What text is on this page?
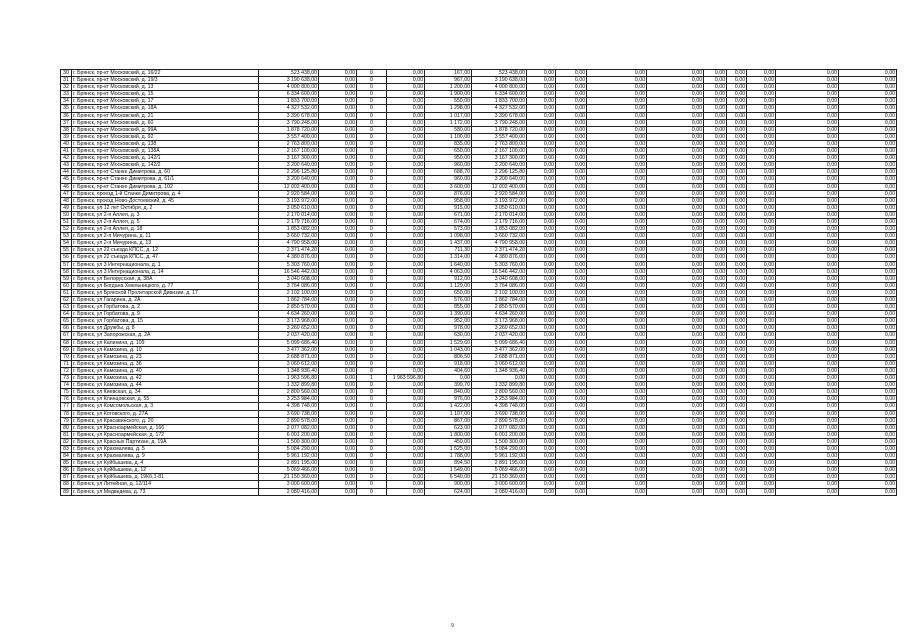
30	г. Брянск, пр-кт Московский, д. 16/22	523 438,00	0,00	0	0,00	167,00	523 438,00	0,00	0,00	0,00	0,00	0,00	0,00	0,00	0,00	0,00
31	г. Брянск, пр-кт Московский, д. 19/3	3 190 638,00	0,00	0	0,00	967,00	3 190 638,00	0,00	0,00	0,00	0,00	0,00	0,00	0,00	0,00	0,00
32	г. Брянск, пр-кт Московский, д. 13	4 000 800,00	0,00	0	0,00	1 200,00	4 000 800,00	0,00	0,00	0,00	0,00	0,00	0,00	0,00	0,00	0,00
33	г. Брянск, пр-кт Московский, д. 15	6 334 600,00	0,00	0	0,00	1 900,00	6 334 600,00	0,00	0,00	0,00	0,00	0,00	0,00	0,00	0,00	0,00
34	г. Брянск, пр-кт Московский, д. 17	1 833 700,00	0,00	0	0,00	550,00	1 833 700,00	0,00	0,00	0,00	0,00	0,00	0,00	0,00	0,00	0,00
35	г. Брянск, пр-кт Московский, д. 18А	4 327 532,00	0,00	0	0,00	1 298,00	4 327 532,00	0,00	0,00	0,00	0,00	0,00	0,00	0,00	0,00	0,00
36	г. Брянск, пр-кт Московский, д. 21	3 390 678,00	0,00	0	0,00	1 017,00	3 390 678,00	0,00	0,00	0,00	0,00	0,00	0,00	0,00	0,00	0,00
37	г. Брянск, пр-кт Московский, д. 60	3 790 248,00	0,00	0	0,00	1 172,00	3 790 248,00	0,00	0,00	0,00	0,00	0,00	0,00	0,00	0,00	0,00
38	г. Брянск, пр-кт Московский, д. 99А	1 878 720,00	0,00	0	0,00	580,00	1 878 720,00	0,00	0,00	0,00	0,00	0,00	0,00	0,00	0,00	0,00
39	г. Брянск, пр-кт Московский, д. 92	3 557 400,00	0,00	0	0,00	1 100,00	3 557 400,00	0,00	0,00	0,00	0,00	0,00	0,00	0,00	0,00	0,00
40	г. Брянск, пр-кт Московский, д. 138	2 763 800,00	0,00	0	0,00	835,00	2 763 800,00	0,00	0,00	0,00	0,00	0,00	0,00	0,00	0,00	0,00
41	г. Брянск, пр-кт Московский, д. 138А	2 167 100,00	0,00	0	0,00	650,00	2 167 100,00	0,00	0,00	0,00	0,00	0,00	0,00	0,00	0,00	0,00
42	г. Брянск, пр-кт Московский, д. 142/1	3 167 300,00	0,00	0	0,00	950,00	3 167 300,00	0,00	0,00	0,00	0,00	0,00	0,00	0,00	0,00	0,00
43	г. Брянск, пр-кт Московский, д. 142/2	3 200 640,00	0,00	0	0,00	960,00	3 200 640,00	0,00	0,00	0,00	0,00	0,00	0,00	0,00	0,00	0,00
44	г. Брянск, пр-кт Станке Димитрова, д. 60	2 296 125,80	0,00	0	0,00	688,70	2 296 125,80	0,00	0,00	0,00	0,00	0,00	0,00	0,00	0,00	0,00
45	г. Брянск, пр-кт Станке Димитрова, д. 61/1	3 200 640,00	0,00	0	0,00	960,00	3 200 640,00	0,00	0,00	0,00	0,00	0,00	0,00	0,00	0,00	0,00
46	г. Брянск, пр-кт Станке Димитрова, д. 102	12 002 400,00	0,00	0	0,00	3 600,00	12 002 400,00	0,00	0,00	0,00	0,00	0,00	0,00	0,00	0,00	0,00
47	г. Брянск, проезд 1-й Станке Димитрова, д. 4	2 920 584,00	0,00	0	0,00	876,00	2 920 584,00	0,00	0,00	0,00	0,00	0,00	0,00	0,00	0,00	0,00
48	г. Брянск, проезд Ново-Достоевский, д. 45	3 193 972,00	0,00	0	0,00	958,00	3 193 972,00	0,00	0,00	0,00	0,00	0,00	0,00	0,00	0,00	0,00
49	г. Брянск, ул 12 лет Октября, д. 2	3 050 610,00	0,00	0	0,00	915,00	3 050 610,00	0,00	0,00	0,00	0,00	0,00	0,00	0,00	0,00	0,00
50	г. Брянск, ул 2-я Аллея, д. 3	2 170 014,00	0,00	0	0,00	671,00	2 170 014,00	0,00	0,00	0,00	0,00	0,00	0,00	0,00	0,00	0,00
51	г. Брянск, ул 2-я Аллея, д. 5	2 179 716,00	0,00	0	0,00	674,00	2 179 716,00	0,00	0,00	0,00	0,00	0,00	0,00	0,00	0,00	0,00
52	г. Брянск, ул 2-я Аллея, д. 18	1 853 082,00	0,00	0	0,00	573,00	1 853 082,00	0,00	0,00	0,00	0,00	0,00	0,00	0,00	0,00	0,00
53	г. Брянск, ул 2-я Мичурина, д. 11	3 660 732,00	0,00	0	0,00	1 098,00	3 660 732,00	0,00	0,00	0,00	0,00	0,00	0,00	0,00	0,00	0,00
54	г. Брянск, ул 2-я Мичурина, д. 13	4 790 958,00	0,00	0	0,00	1 437,00	4 790 958,00	0,00	0,00	0,00	0,00	0,00	0,00	0,00	0,00	0,00
55	г. Брянск, ул 22 съезда КПСС, д. 12	2 371 474,20	0,00	0	0,00	711,30	2 371 474,20	0,00	0,00	0,00	0,00	0,00	0,00	0,00	0,00	0,00
56	г. Брянск, ул 22 съезда КПСС, д. 47	4 380 876,00	0,00	0	0,00	1 314,00	4 380 876,00	0,00	0,00	0,00	0,00	0,00	0,00	0,00	0,00	0,00
57	г. Брянск, ул 3 Интернационала, д. 1	5 303 760,00	0,00	0	0,00	1 640,00	5 303 760,00	0,00	0,00	0,00	0,00	0,00	0,00	0,00	0,00	0,00
58	г. Брянск, ул 3 Интернационала, д. 14	16 546 442,00	0,00	0	0,00	4 063,00	16 546 442,00	0,00	0,00	0,00	0,00	0,00	0,00	0,00	0,00	0,00
59	г. Брянск, ул Белорусская, д. 38А	3 040 608,00	0,00	0	0,00	912,00	3 040 608,00	0,00	0,00	0,00	0,00	0,00	0,00	0,00	0,00	0,00
60	г. Брянск, ул Богдана Хмельницкого, д. 77	3 764 086,00	0,00	0	0,00	1 129,00	3 764 086,00	0,00	0,00	0,00	0,00	0,00	0,00	0,00	0,00	0,00
61	г. Брянск, ул Брянской Пролетарской Дивизии, д. 17	2 102 100,00	0,00	0	0,00	650,00	2 102 100,00	0,00	0,00	0,00	0,00	0,00	0,00	0,00	0,00	0,00
62	г. Брянск, ул Гагарина, д. 2А	1 862 784,00	0,00	0	0,00	576,00	1 862 784,00	0,00	0,00	0,00	0,00	0,00	0,00	0,00	0,00	0,00
63	г. Брянск, ул Горбатова, д. 2	2 850 570,00	0,00	0	0,00	855,00	2 850 570,00	0,00	0,00	0,00	0,00	0,00	0,00	0,00	0,00	0,00
64	г. Брянск, ул Горбатова, д. 9	4 634 260,00	0,00	0	0,00	1 390,00	4 634 260,00	0,00	0,00	0,00	0,00	0,00	0,00	0,00	0,00	0,00
65	г. Брянск, ул Горбатова, д. 15	3 173 968,00	0,00	0	0,00	952,00	3 173 968,00	0,00	0,00	0,00	0,00	0,00	0,00	0,00	0,00	0,00
66	г. Брянск, ул Дружбы, д. 8	3 260 652,00	0,00	0	0,00	978,00	3 260 652,00	0,00	0,00	0,00	0,00	0,00	0,00	0,00	0,00	0,00
67	г. Брянск, ул Запорожская, д. 2А	2 037 420,00	0,00	0	0,00	630,00	2 037 420,00	0,00	0,00	0,00	0,00	0,00	0,00	0,00	0,00	0,00
68	г. Брянск, ул Калинина, д. 109	5 099 686,40	0,00	0	0,00	1 529,60	5 099 686,40	0,00	0,00	0,00	0,00	0,00	0,00	0,00	0,00	0,00
69	г. Брянск, ул Камозина, д. 10	3 477 362,00	0,00	0	0,00	1 043,00	3 477 362,00	0,00	0,00	0,00	0,00	0,00	0,00	0,00	0,00	0,00
70	г. Брянск, ул Камозина, д. 23	2 688 871,00	0,00	0	0,00	806,50	2 688 871,00	0,00	0,00	0,00	0,00	0,00	0,00	0,00	0,00	0,00
71	г. Брянск, ул Камозина, д. 36	3 060 612,00	0,00	0	0,00	918,00	3 060 612,00	0,00	0,00	0,00	0,00	0,00	0,00	0,00	0,00	0,00
72	г. Брянск, ул Камозина, д. 40	1 348 936,40	0,00	0	0,00	404,60	1 348 936,40	0,00	0,00	0,00	0,00	0,00	0,00	0,00	0,00	0,00
73	г. Брянск, ул Камозина, д. 42	1 963 596,80	0,00	1	1 963 596,80	0,00	0,00	0,00	0,00	0,00	0,00	0,00	0,00	0,00	0,00	0,00
74	г. Брянск, ул Камозина, д. 44	1 332 899,80	0,00	0	0,00	399,70	1 332 899,80	0,00	0,00	0,00	0,00	0,00	0,00	0,00	0,00	0,00
75	г. Брянск, ул Киевская, д. 34	2 800 560,00	0,00	0	0,00	840,00	2 800 560,00	0,00	0,00	0,00	0,00	0,00	0,00	0,00	0,00	0,00
76	г. Брянск, ул Клинцовская, д. 55	3 253 984,00	0,00	0	0,00	976,00	3 253 984,00	0,00	0,00	0,00	0,00	0,00	0,00	0,00	0,00	0,00
77	г. Брянск, ул Комсомольская, д. 3	4 398 748,00	0,00	0	0,00	1 422,00	4 398 748,00	0,00	0,00	0,00	0,00	0,00	0,00	0,00	0,00	0,00
78	г. Брянск, ул Котовского, д. 27А	3 690 738,00	0,00	0	0,00	1 107,00	3 690 738,00	0,00	0,00	0,00	0,00	0,00	0,00	0,00	0,00	0,00
79	г. Брянск, ул Красавинского, д. 20	2 890 578,00	0,00	0	0,00	867,00	2 890 578,00	0,00	0,00	0,00	0,00	0,00	0,00	0,00	0,00	0,00
80	г. Брянск, ул Красноармейская, д. 166	2 077 082,00	0,00	0	0,00	623,00	2 077 082,00	0,00	0,00	0,00	0,00	0,00	0,00	0,00	0,00	0,00
81	г. Брянск, ул Красноармейская, д. 172	6 001 200,00	0,00	0	0,00	1 800,00	6 001 200,00	0,00	0,00	0,00	0,00	0,00	0,00	0,00	0,00	0,00
82	г. Брянск, ул Красных Партизан, д. 19А	1 500 300,00	0,00	0	0,00	450,00	1 500 300,00	0,00	0,00	0,00	0,00	0,00	0,00	0,00	0,00	0,00
83	г. Брянск, ул Крахмалева, д. 5	5 084 290,00	0,00	0	0,00	1 525,00	5 084 290,00	0,00	0,00	0,00	0,00	0,00	0,00	0,00	0,00	0,00
84	г. Брянск, ул Крахмалева, д. 9	5 961 192,00	0,00	0	0,00	1 788,00	5 961 192,00	0,00	0,00	0,00	0,00	0,00	0,00	0,00	0,00	0,00
85	г. Брянск, ул Куйбышева, д. 4	2 891 195,00	0,00	0	0,00	894,50	2 891 195,00	0,00	0,00	0,00	0,00	0,00	0,00	0,00	0,00	0,00
86	г. Брянск, ул Куйбышева, д. 12	5 069 466,00	0,00	0	0,00	1 549,00	5 069 466,00	0,00	0,00	0,00	0,00	0,00	0,00	0,00	0,00	0,00
87	г. Брянск, ул Куйбышева, д. 19Кб,1-81	21 150 360,00	0,00	0	0,00	6 540,00	21 150 360,00	0,00	0,00	0,00	0,00	0,00	0,00	0,00	0,00	0,00
88	г. Брянск, ул Литейная, д. 12/114	3 000 600,00	0,00	0	0,00	900,00	3 000 600,00	0,00	0,00	0,00	0,00	0,00	0,00	0,00	0,00	0,00
89	г. Брянск, ул Медведева, д. 73	2 080 416,00	0,00	0	0,00	624,00	2 080 416,00	0,00	0,00	0,00	0,00	0,00	0,00	0,00	0,00	0,00
9
